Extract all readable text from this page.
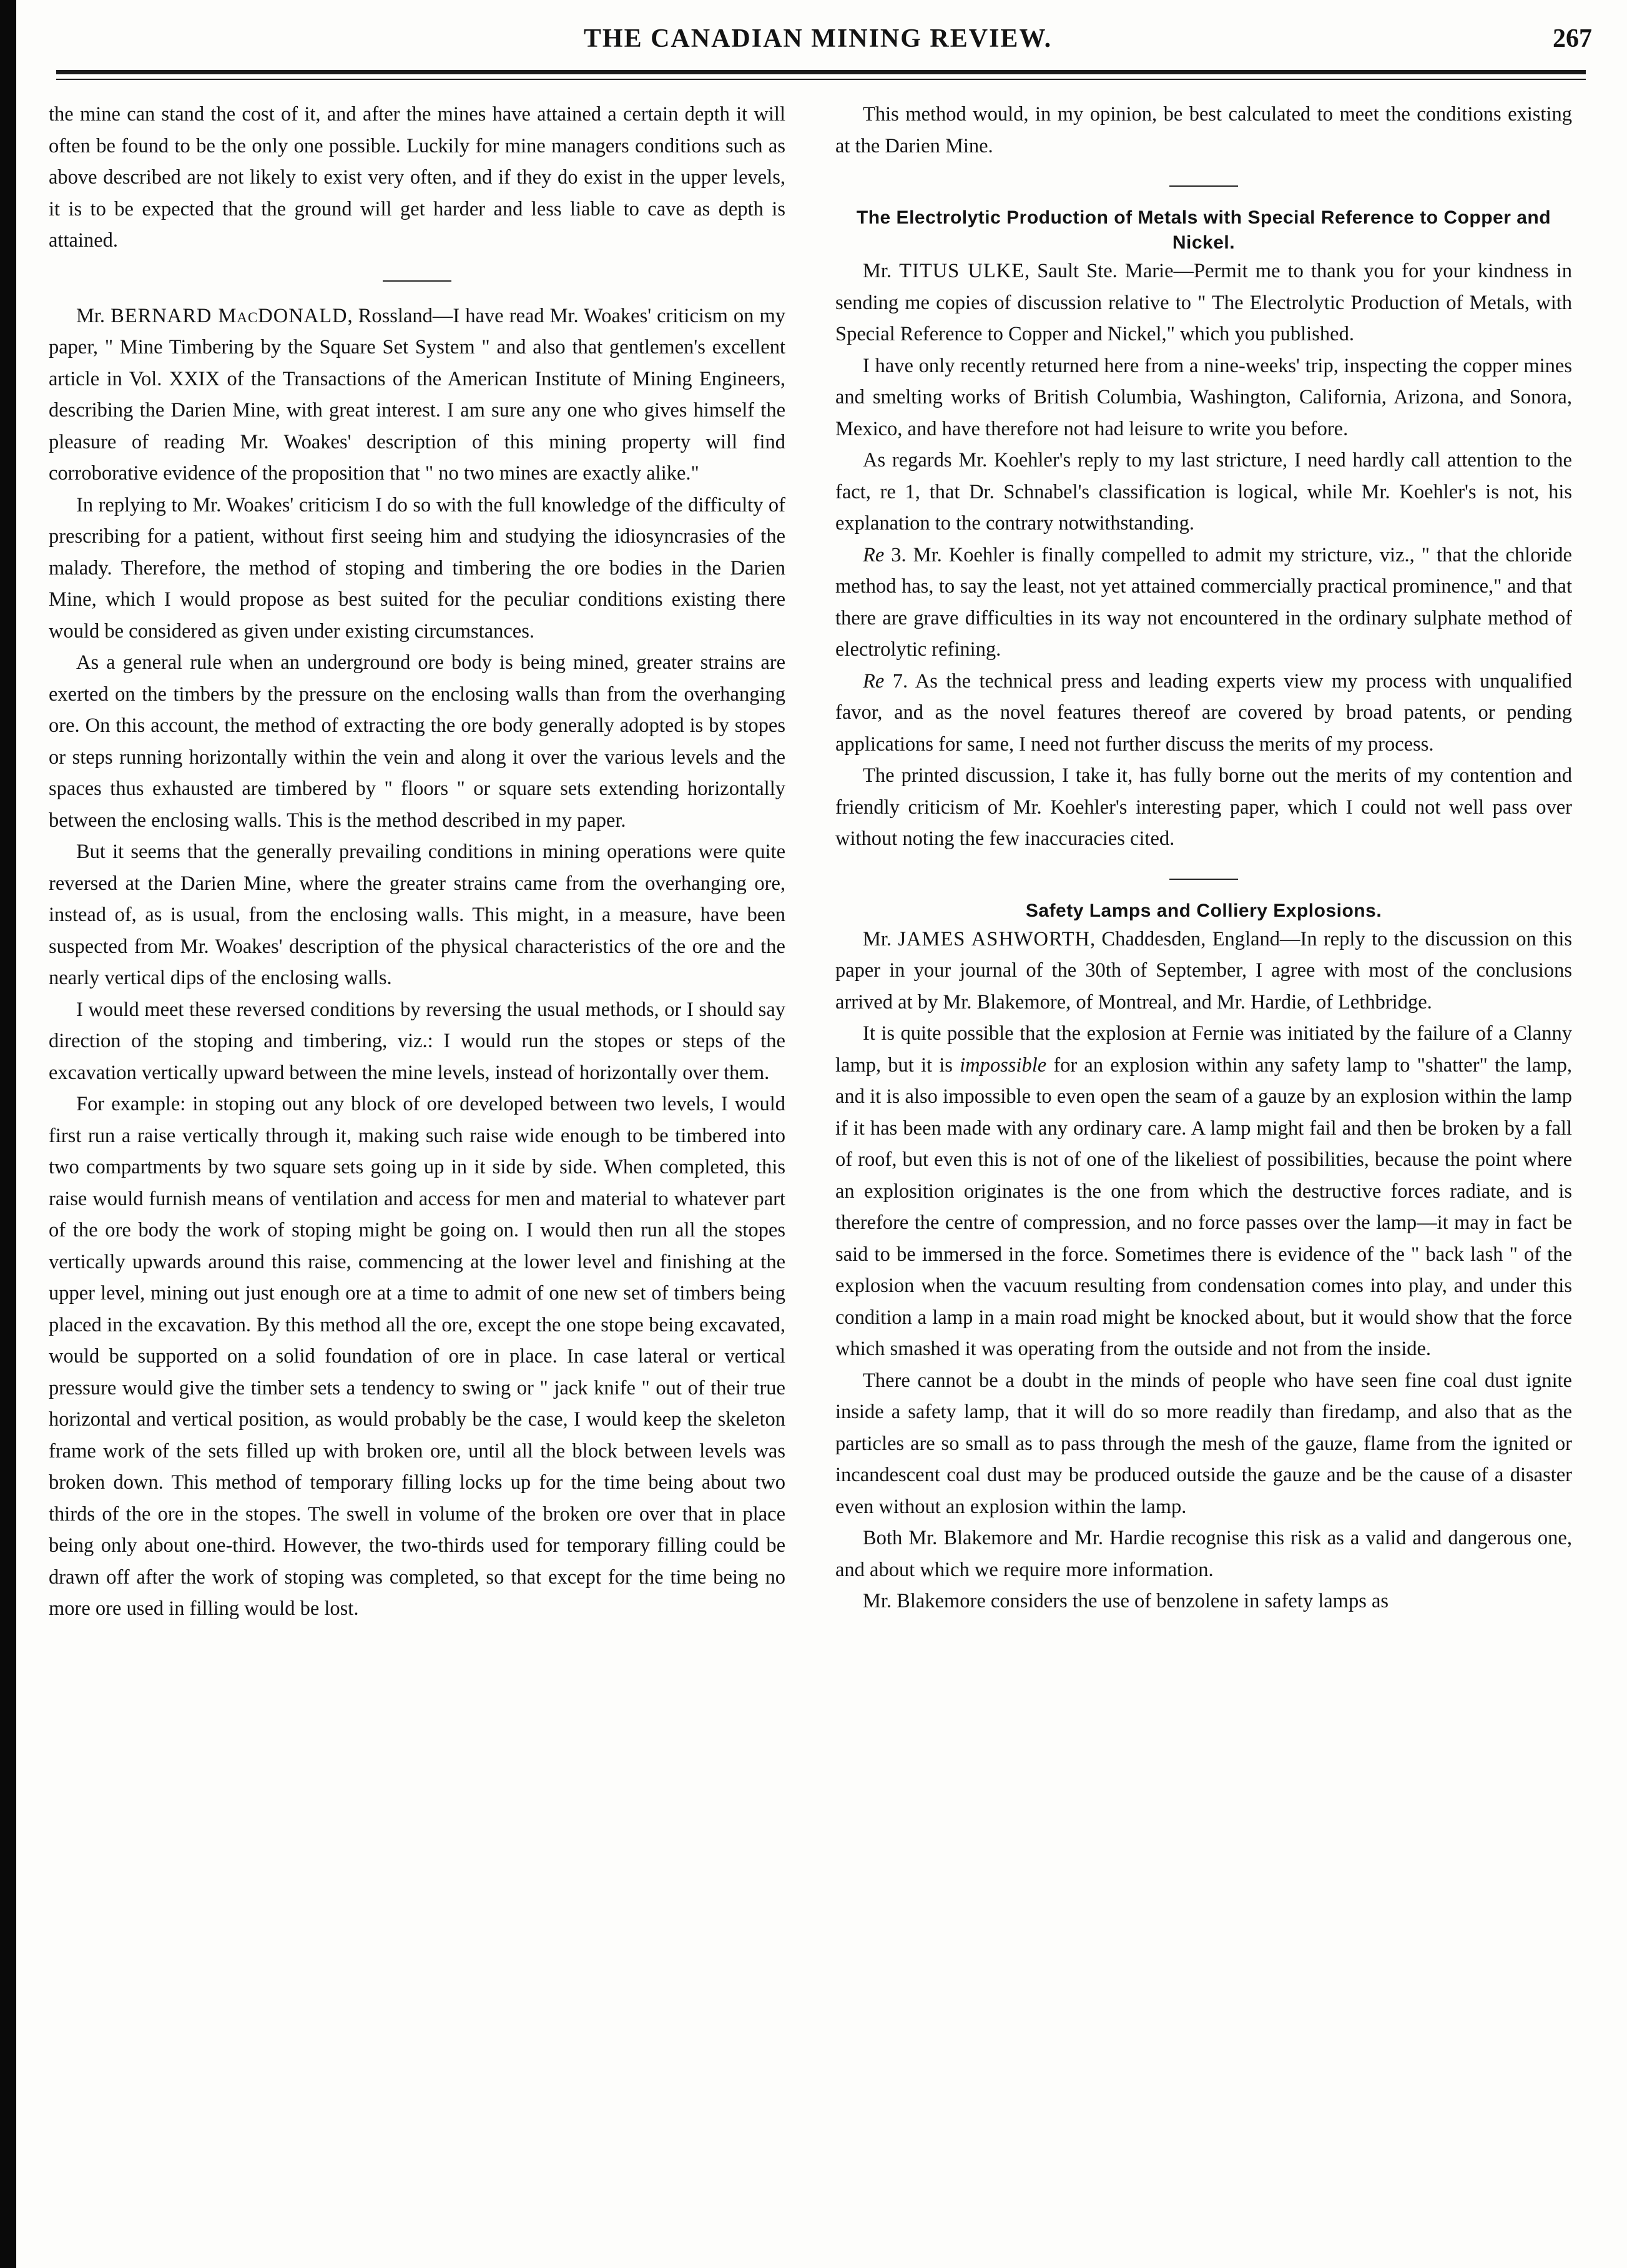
THE CANADIAN MINING REVIEW.	267

the mine can stand the cost of it, and after the mines have attained a certain depth it will often be found to be the only one possible. Luckily for mine managers conditions such as above described are not likely to exist very often, and if they do exist in the upper levels, it is to be expected that the ground will get harder and less liable to cave as depth is attained.

Mr. BERNARD MacDONALD, Rossland—I have read Mr. Woakes' criticism on my paper, " Mine Timbering by the Square Set System " and also that gentlemen's excellent article in Vol. XXIX of the Transactions of the American Institute of Mining Engineers, describing the Darien Mine, with great interest. I am sure any one who gives himself the pleasure of reading Mr. Woakes' description of this mining property will find corroborative evidence of the proposition that " no two mines are exactly alike."

In replying to Mr. Woakes' criticism I do so with the full knowledge of the difficulty of prescribing for a patient, without first seeing him and studying the idiosyncrasies of the malady. Therefore, the method of stoping and timbering the ore bodies in the Darien Mine, which I would propose as best suited for the peculiar conditions existing there would be considered as given under existing circumstances.

As a general rule when an underground ore body is being mined, greater strains are exerted on the timbers by the pressure on the enclosing walls than from the overhanging ore. On this account, the method of extracting the ore body generally adopted is by stopes or steps running horizontally within the vein and along it over the various levels and the spaces thus exhausted are timbered by " floors " or square sets extending horizontally between the enclosing walls. This is the method described in my paper.

But it seems that the generally prevailing conditions in mining operations were quite reversed at the Darien Mine, where the greater strains came from the overhanging ore, instead of, as is usual, from the enclosing walls. This might, in a measure, have been suspected from Mr. Woakes' description of the physical characteristics of the ore and the nearly vertical dips of the enclosing walls.

I would meet these reversed conditions by reversing the usual methods, or I should say direction of the stoping and timbering, viz.: I would run the stopes or steps of the excavation vertically upward between the mine levels, instead of horizontally over them.

For example: in stoping out any block of ore developed between two levels, I would first run a raise vertically through it, making such raise wide enough to be timbered into two compartments by two square sets going up in it side by side. When completed, this raise would furnish means of ventilation and access for men and material to whatever part of the ore body the work of stoping might be going on. I would then run all the stopes vertically upwards around this raise, commencing at the lower level and finishing at the upper level, mining out just enough ore at a time to admit of one new set of timbers being placed in the excavation. By this method all the ore, except the one stope being excavated, would be supported on a solid foundation of ore in place. In case lateral or vertical pressure would give the timber sets a tendency to swing or " jack knife " out of their true horizontal and vertical position, as would probably be the case, I would keep the skeleton frame work of the sets filled up with broken ore, until all the block between levels was broken down. This method of temporary filling locks up for the time being about two thirds of the ore in the stopes. The swell in volume of the broken ore over that in place being only about one-third. However, the two-thirds used for temporary filling could be drawn off after the work of stoping was completed, so that except for the time being no more ore used in filling would be lost.

This method would, in my opinion, be best calculated to meet the conditions existing at the Darien Mine.

The Electrolytic Production of Metals with Special Reference to Copper and Nickel.

Mr. TITUS ULKE, Sault Ste. Marie—Permit me to thank you for your kindness in sending me copies of discussion relative to " The Electrolytic Production of Metals, with Special Reference to Copper and Nickel," which you published.

I have only recently returned here from a nine-weeks' trip, inspecting the copper mines and smelting works of British Columbia, Washington, California, Arizona, and Sonora, Mexico, and have therefore not had leisure to write you before.

As regards Mr. Koehler's reply to my last stricture, I need hardly call attention to the fact, re 1, that Dr. Schnabel's classification is logical, while Mr. Koehler's is not, his explanation to the contrary notwithstanding.

Re 3. Mr. Koehler is finally compelled to admit my stricture, viz., " that the chloride method has, to say the least, not yet attained commercially practical prominence," and that there are grave difficulties in its way not encountered in the ordinary sulphate method of electrolytic refining.

Re 7. As the technical press and leading experts view my process with unqualified favor, and as the novel features thereof are covered by broad patents, or pending applications for same, I need not further discuss the merits of my process.

The printed discussion, I take it, has fully borne out the merits of my contention and friendly criticism of Mr. Koehler's interesting paper, which I could not well pass over without noting the few inaccuracies cited.

Safety Lamps and Colliery Explosions.

Mr. JAMES ASHWORTH, Chaddesden, England—In reply to the discussion on this paper in your journal of the 30th of September, I agree with most of the conclusions arrived at by Mr. Blakemore, of Montreal, and Mr. Hardie, of Lethbridge.

It is quite possible that the explosion at Fernie was initiated by the failure of a Clanny lamp, but it is impossible for an explosion within any safety lamp to "shatter" the lamp, and it is also impossible to even open the seam of a gauze by an explosion within the lamp if it has been made with any ordinary care. A lamp might fail and then be broken by a fall of roof, but even this is not of one of the likeliest of possibilities, because the point where an explosition originates is the one from which the destructive forces radiate, and is therefore the centre of compression, and no force passes over the lamp—it may in fact be said to be immersed in the force. Sometimes there is evidence of the " back lash " of the explosion when the vacuum resulting from condensation comes into play, and under this condition a lamp in a main road might be knocked about, but it would show that the force which smashed it was operating from the outside and not from the inside.

There cannot be a doubt in the minds of people who have seen fine coal dust ignite inside a safety lamp, that it will do so more readily than firedamp, and also that as the particles are so small as to pass through the mesh of the gauze, flame from the ignited or incandescent coal dust may be produced outside the gauze and be the cause of a disaster even without an explosion within the lamp.

Both Mr. Blakemore and Mr. Hardie recognise this risk as a valid and dangerous one, and about which we require more information.

Mr. Blakemore considers the use of benzolene in safety lamps as
